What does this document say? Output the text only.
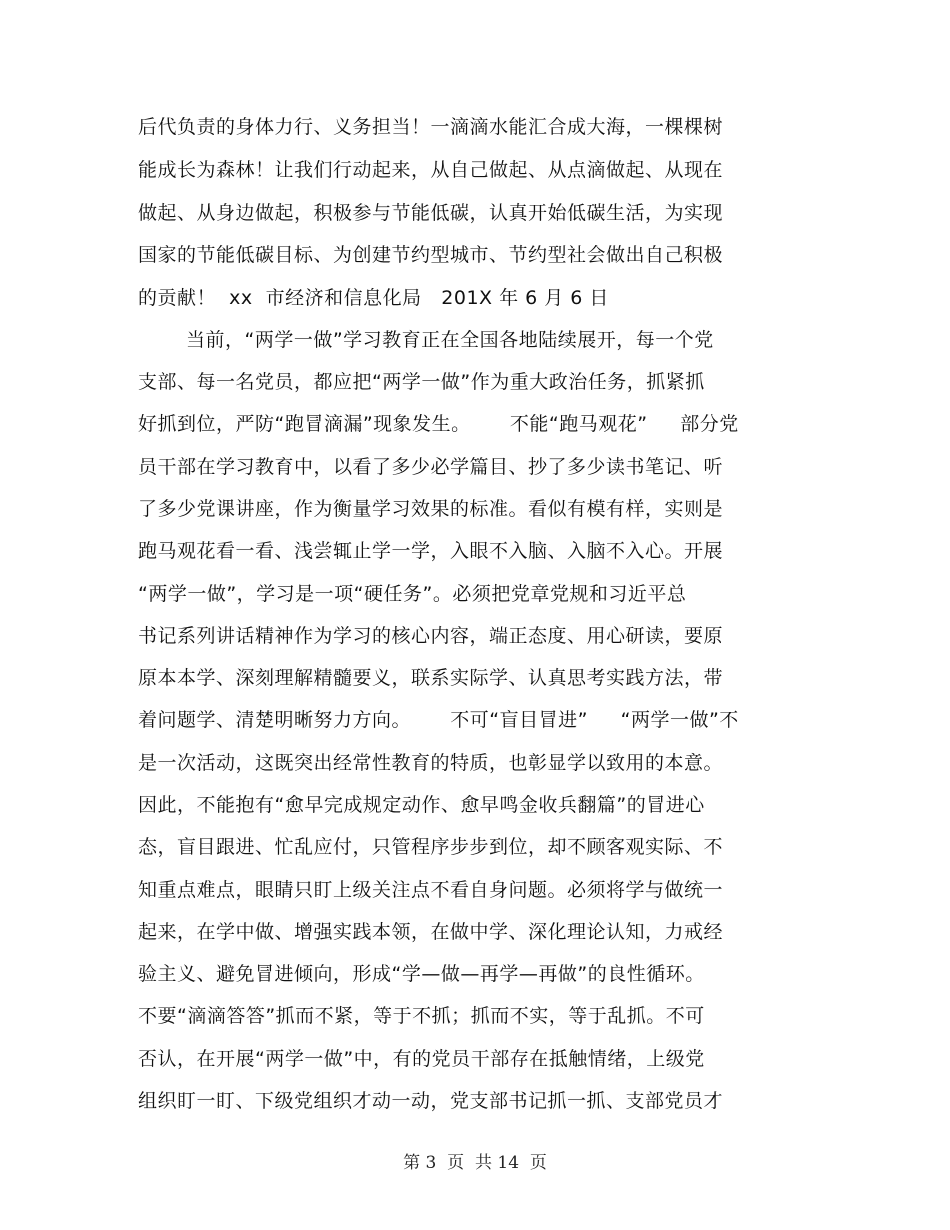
后代负责的身体力行、义务担当！一滴滴水能汇合成大海，一棵棵树
能成长为森林！让我们行动起来，从自己做起、从点滴做起、从现在
做起、从身边做起，积极参与节能低碳，认真开始低碳生活，为实现
国家的节能低碳目标、为创建节约型城市、节约型社会做出自己积极
的贡献！  xx  市经济和信息化局   201X 年 6 月 6 日
当前，“两学一做”学习教育正在全国各地陆续展开，每一个党
支部、每一名党员，都应把“两学一做”作为重大政治任务，抓紧抓
好抓到位，严防“跑冒滴漏”现象发生。      不能“跑马观花”     部分党
员干部在学习教育中，以看了多少必学篇目、抄了多少读书笔记、听
了多少党课讲座，作为衡量学习效果的标准。看似有模有样，实则是
跑马观花看一看、浅尝辄止学一学，入眼不入脑、入脑不入心。开展
“两学一做”，学习是一项“硬任务”。必须把党章党规和习近平总
书记系列讲话精神作为学习的核心内容，端正态度、用心研读，要原
原本本学、深刻理解精髓要义，联系实际学、认真思考实践方法，带
着问题学、清楚明晰努力方向。      不可“盲目冒进”     “两学一做”不
是一次活动，这既突出经常性教育的特质，也彰显学以致用的本意。
因此，不能抱有“愈早完成规定动作、愈早鸣金收兵翻篇”的冒进心
态，盲目跟进、忙乱应付，只管程序步步到位，却不顾客观实际、不
知重点难点，眼睛只盯上级关注点不看自身问题。必须将学与做统一
起来，在学中做、增强实践本领，在做中学、深化理论认知，力戒经
验主义、避免冒进倾向，形成“学—做—再学—再做”的良性循环。
不要“滴滴答答”抓而不紧，等于不抓；抓而不实，等于乱抓。不可
否认，在开展“两学一做”中，有的党员干部存在抵触情绪，上级党
组织盯一盯、下级党组织才动一动，党支部书记抓一抓、支部党员才
第 3  页  共 14  页
